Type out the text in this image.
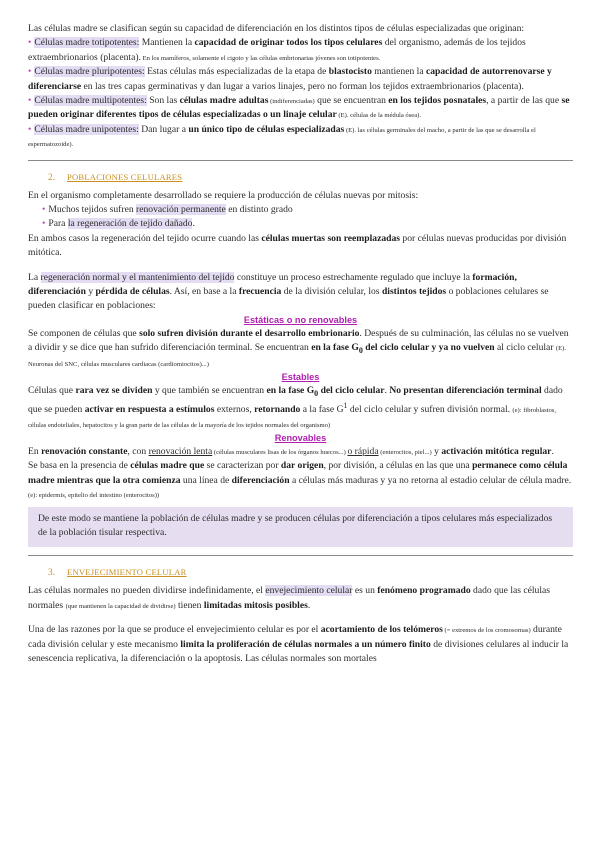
Las células madre se clasifican según su capacidad de diferenciación en los distintos tipos de células especializadas que originan:

• Células madre totipotentes: Mantienen la capacidad de originar todos los tipos celulares del organismo, además de los tejidos extraembrionarios (placenta). En los mamíferos, solamente el cigoto y las células embrionarias jóvenes son totipotentes.

• Células madre pluripotentes: Estas células más especializadas de la etapa de blastocisto mantienen la capacidad de autorrenovarse y diferenciarse en las tres capas germinativas y dan lugar a varios linajes, pero no forman los tejidos extraembrionarios (placenta).

• Células madre multipotentes: Son las células madre adultas (indiferenciadas) que se encuentran en los tejidos posnatales, a partir de las que se pueden originar diferentes tipos de células especializadas o un linaje celular (E). células de la médula ósea).

• Células madre unipotentes: Dan lugar a un único tipo de células especializadas (E). las células germinales del macho, a partir de las que se desarrolla el espermatozoide).

2. POBLACIONES CELULARES

En el organismo completamente desarrollado se requiere la producción de células nuevas por mitosis:

• Muchos tejidos sufren renovación permanente en distinto grado

• Para la regeneración de tejido dañado.

En ambos casos la regeneración del tejido ocurre cuando las células muertas son reemplazadas por células nuevas producidas por división mitótica.

La regeneración normal y el mantenimiento del tejido constituye un proceso estrechamente regulado que incluye la formación, diferenciación y pérdida de células. Así, en base a la frecuencia de la división celular, los distintos tejidos o poblaciones celulares se pueden clasificar en poblaciones:

Estáticas o no renovables

Se componen de células que solo sufren división durante el desarrollo embrionario. Después de su culminación, las células no se vuelven a dividir y se dice que han sufrido diferenciación terminal. Se encuentran en la fase $G_0$ del ciclo celular y ya no vuelven al ciclo celular (E). Neuronas del SNC, células musculares cardiacas (cardiomiocitos)...)

Estables

Células que rara vez se dividen y que también se encuentran en la fase $G_0$ del ciclo celular. No presentan diferenciación terminal dado que se pueden activar en respuesta a estímulos externos, retornando a la fase $G^1$ del ciclo celular y sufren división normal. (e): fibroblastos, células endoteliales, hepatocitos y la gran parte de las células de la mayoría de los tejidos normales del organismo)

Renovables

En renovación constante, con renovación lenta (células musculares lisas de los órganos huecos...) o rápida (enterocitos, piel...) y activación mitótica regular.

Se basa en la presencia de células madre que se caracterizan por dar origen, por división, a células en las que una permanece como célula madre mientras que la otra comienza una línea de diferenciación a células más maduras y ya no retorna al estadio celular de célula madre. (e): epidermis, epitelio del intestino (enterocitos))

De este modo se mantiene la población de células madre y se producen células por diferenciación a tipos celulares más especializados de la población tisular respectiva.

3. ENVEJECIMIENTO CELULAR

Las células normales no pueden dividirse indefinidamente, el envejecimiento celular es un fenómeno programado dado que las células normales (que mantienen la capacidad de dividirse) tienen limitadas mitosis posibles.

Una de las razones por la que se produce el envejecimiento celular es por el acortamiento de los telómeros (= extremos de los cromosomas) durante cada división celular y este mecanismo limita la proliferación de células normales a un número finito de divisiones celulares al inducir la senescencia replicativa, la diferenciación o la apoptosis. Las células normales son mortales
